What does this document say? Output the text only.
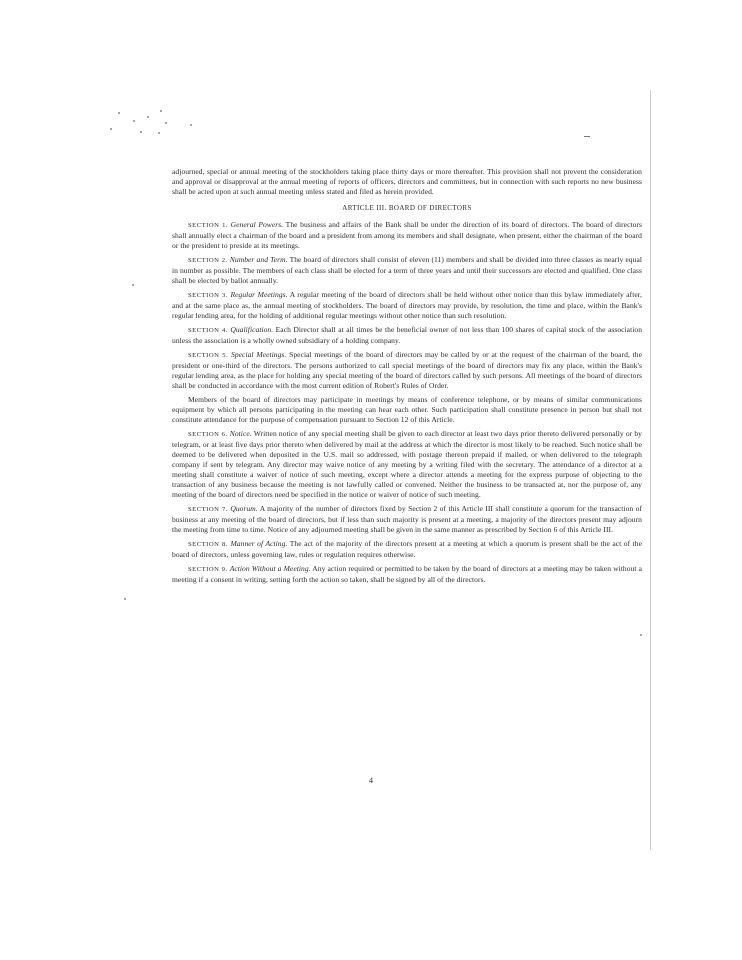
adjourned, special or annual meeting of the stockholders taking place thirty days or more thereafter. This provision shall not prevent the consideration and approval or disapproval at the annual meeting of reports of officers, directors and committees, but in connection with such reports no new business shall be acted upon at such annual meeting unless stated and filed as herein provided.

ARTICLE III. BOARD OF DIRECTORS

SECTION 1. General Powers. The business and affairs of the Bank shall be under the direction of its board of directors. The board of directors shall annually elect a chairman of the board and a president from among its members and shall designate, when present, either the chairman of the board or the president to preside at its meetings.

SECTION 2. Number and Term. The board of directors shall consist of eleven (11) members and shall be divided into three classes as nearly equal in number as possible. The members of each class shall be elected for a term of three years and until their successors are elected and qualified. One class shall be elected by ballot annually.

SECTION 3. Regular Meetings. A regular meeting of the board of directors shall be held without other notice than this bylaw immediately after, and at the same place as, the annual meeting of stockholders. The board of directors may provide, by resolution, the time and place, within the Bank's regular lending area, for the holding of additional regular meetings without other notice than such resolution.

SECTION 4. Qualification. Each Director shall at all times be the beneficial owner of not less than 100 shares of capital stock of the association unless the association is a wholly owned subsidiary of a holding company.

SECTION 5. Special Meetings. Special meetings of the board of directors may be called by or at the request of the chairman of the board, the president or one-third of the directors. The persons authorized to call special meetings of the board of directors may fix any place, within the Bank's regular lending area, as the place for holding any special meeting of the board of directors called by such persons. All meetings of the board of directors shall be conducted in accordance with the most current edition of Robert's Rules of Order.

Members of the board of directors may participate in meetings by means of conference telephone, or by means of similar communications equipment by which all persons participating in the meeting can hear each other. Such participation shall constitute presence in person but shall not constitute attendance for the purpose of compensation pursuant to Section 12 of this Article.

SECTION 6. Notice. Written notice of any special meeting shall be given to each director at least two days prior thereto delivered personally or by telegram, or at least five days prior thereto when delivered by mail at the address at which the director is most likely to be reached. Such notice shall be deemed to be delivered when deposited in the U.S. mail so addressed, with postage thereon prepaid if mailed, or when delivered to the telegraph company if sent by telegram. Any director may waive notice of any meeting by a writing filed with the secretary. The attendance of a director at a meeting shall constitute a waiver of notice of such meeting, except where a director attends a meeting for the express purpose of objecting to the transaction of any business because the meeting is not lawfully called or convened. Neither the business to be transacted at, nor the purpose of, any meeting of the board of directors need be specified in the notice or waiver of notice of such meeting.

SECTION 7. Quorum. A majority of the number of directors fixed by Section 2 of this Article III shall constitute a quorum for the transaction of business at any meeting of the board of directors, but if less than such majority is present at a meeting, a majority of the directors present may adjourn the meeting from time to time. Notice of any adjourned meeting shall be given in the same manner as prescribed by Section 6 of this Article III.

SECTION 8. Manner of Acting. The act of the majority of the directors present at a meeting at which a quorum is present shall be the act of the board of directors, unless governing law, rules or regulation requires otherwise.

SECTION 9. Action Without a Meeting. Any action required or permitted to be taken by the board of directors at a meeting may be taken without a meeting if a consent in writing, setting forth the action so taken, shall be signed by all of the directors.

4
